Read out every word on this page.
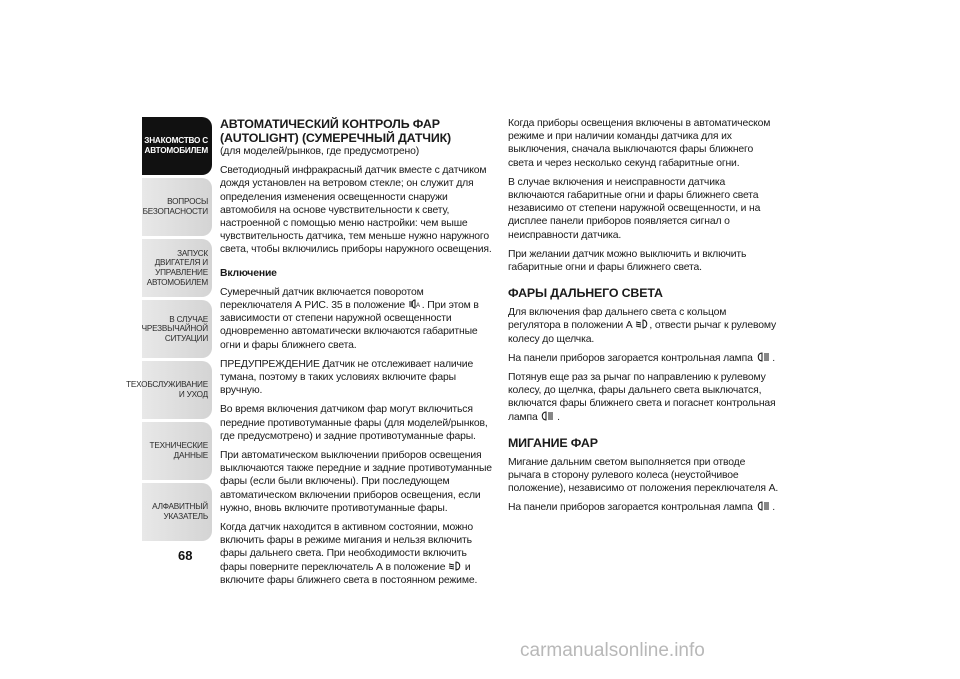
ЗНАКОМСТВО С
АВТОМОБИЛЕМ
ВОПРОСЫ
БЕЗОПАСНОСТИ
ЗАПУСК ДВИГАТЕЛЯ И
УПРАВЛЕНИЕ
АВТОМОБИЛЕМ
В СЛУЧАЕ
ЧРЕЗВЫЧАЙНОЙ
СИТУАЦИИ
ТЕХОБСЛУЖИВАНИЕ
И УХОД
ТЕХНИЧЕСКИЕ
ДАННЫЕ
АЛФАВИТНЫЙ
УКАЗАТЕЛЬ
68
АВТОМАТИЧЕСКИЙ КОНТРОЛЬ ФАР (AUTOLIGHT) (СУМЕРЕЧНЫЙ ДАТЧИК)
(для моделей/рынков, где предусмотрено)

Светодиодный инфракрасный датчик вместе с датчиком дождя установлен на ветровом стекле; он служит для определения изменения освещенности снаружи автомобиля на основе чувствительности к свету, настроенной с помощью меню настройки: чем выше чувствительность датчика, тем меньше нужно наружного света, чтобы включились приборы наружного освещения.

Включение

Сумеречный датчик включается поворотом переключателя А РИС. 35 в положение A . При этом в зависимости от степени наружной освещенности одновременно автоматически включаются габаритные огни и фары ближнего света.

ПРЕДУПРЕЖДЕНИЕ Датчик не отслеживает наличие тумана, поэтому в таких условиях включите фары вручную.

Во время включения датчиком фар могут включиться передние противотуманные фары (для моделей/рынков, где предусмотрено) и задние противотуманные фары.

При автоматическом выключении приборов освещения выключаются также передние и задние противотуманные фары (если были включены). При последующем автоматическом включении приборов освещения, если нужно, вновь включите противотуманные фары.

Когда датчик находится в активном состоянии, можно включить фары в режиме мигания и нельзя включить фары дальнего света. При необходимости включить фары поверните переключатель А в положение и включите фары ближнего света в постоянном режиме.

Когда приборы освещения включены в автоматическом режиме и при наличии команды датчика для их выключения, сначала выключаются фары ближнего света и через несколько секунд габаритные огни.

В случае включения и неисправности датчика включаются габаритные огни и фары ближнего света независимо от степени наружной освещенности, и на дисплее панели приборов появляется сигнал о неисправности датчика.

При желании датчик можно выключить и включить габаритные огни и фары ближнего света.

ФАРЫ ДАЛЬНЕГО СВЕТА

Для включения фар дальнего света с кольцом регулятора в положении А , отвести рычаг к рулевому колесу до щелчка.

На панели приборов загорается контрольная лампа .

Потянув еще раз за рычаг по направлению к рулевому колесу, до щелчка, фары дальнего света выключатся, включатся фары ближнего света и погаснет контрольная лампа .

МИГАНИЕ ФАР

Мигание дальним светом выполняется при отводе рычага в сторону рулевого колеса (неустойчивое положение), независимо от положения переключателя А.

На панели приборов загорается контрольная лампа .

carmanualsonline.info
